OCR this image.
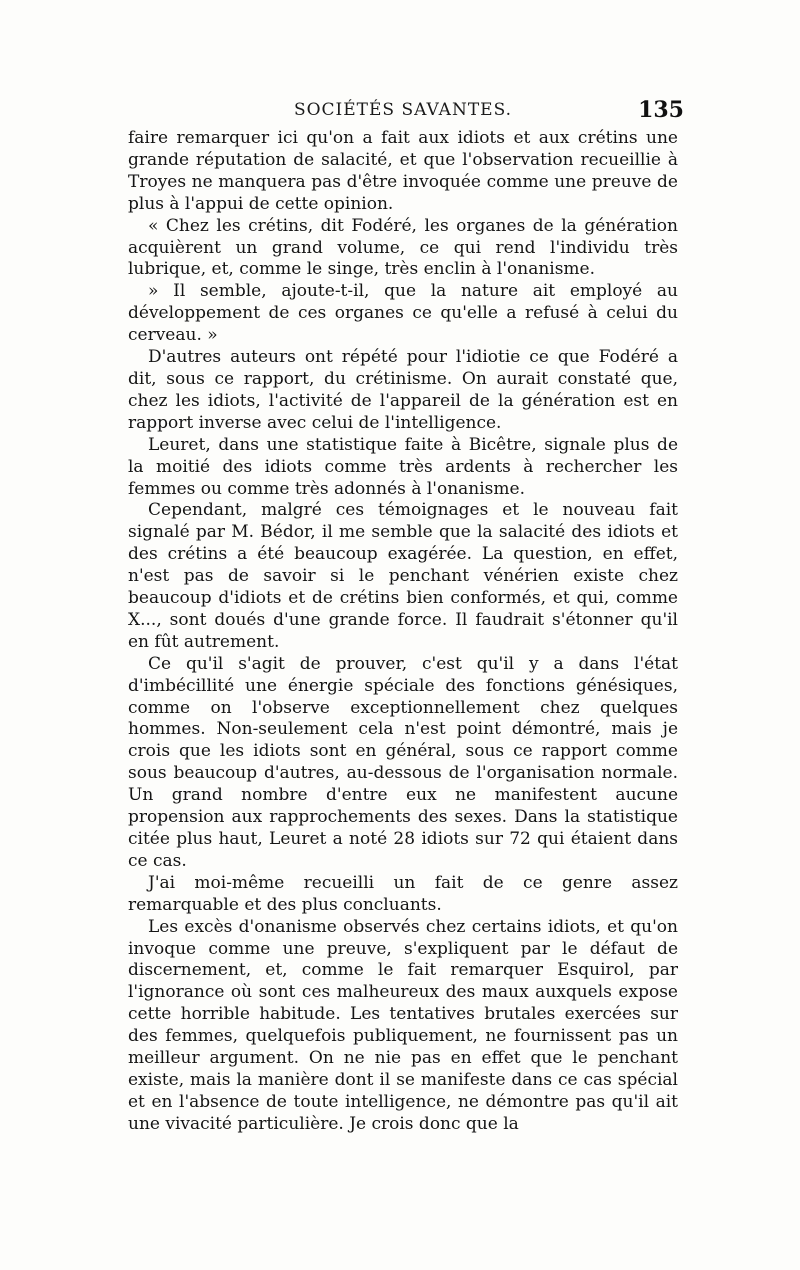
SOCIÉTÉS SAVANTES.	135

faire remarquer ici qu'on a fait aux idiots et aux crétins une grande réputation de salacité, et que l'observation recueillie à Troyes ne manquera pas d'être invoquée comme une preuve de plus à l'appui de cette opinion.

« Chez les crétins, dit Fodéré, les organes de la génération acquièrent un grand volume, ce qui rend l'individu très lubrique, et, comme le singe, très enclin à l'onanisme.

» Il semble, ajoute-t-il, que la nature ait employé au développement de ces organes ce qu'elle a refusé à celui du cerveau. »

D'autres auteurs ont répété pour l'idiotie ce que Fodéré a dit, sous ce rapport, du crétinisme. On aurait constaté que, chez les idiots, l'activité de l'appareil de la génération est en rapport inverse avec celui de l'intelligence.

Leuret, dans une statistique faite à Bicêtre, signale plus de la moitié des idiots comme très ardents à rechercher les femmes ou comme très adonnés à l'onanisme.

Cependant, malgré ces témoignages et le nouveau fait signalé par M. Bédor, il me semble que la salacité des idiots et des crétins a été beaucoup exagérée. La question, en effet, n'est pas de savoir si le penchant vénérien existe chez beaucoup d'idiots et de crétins bien conformés, et qui, comme X..., sont doués d'une grande force. Il faudrait s'étonner qu'il en fût autrement.

Ce qu'il s'agit de prouver, c'est qu'il y a dans l'état d'imbécillité une énergie spéciale des fonctions génésiques, comme on l'observe exceptionnellement chez quelques hommes. Non-seulement cela n'est point démontré, mais je crois que les idiots sont en général, sous ce rapport comme sous beaucoup d'autres, au-dessous de l'organisation normale. Un grand nombre d'entre eux ne manifestent aucune propension aux rapprochements des sexes. Dans la statistique citée plus haut, Leuret a noté 28 idiots sur 72 qui étaient dans ce cas.

J'ai moi-même recueilli un fait de ce genre assez remarquable et des plus concluants.

Les excès d'onanisme observés chez certains idiots, et qu'on invoque comme une preuve, s'expliquent par le défaut de discernement, et, comme le fait remarquer Esquirol, par l'ignorance où sont ces malheureux des maux auxquels expose cette horrible habitude. Les tentatives brutales exercées sur des femmes, quelquefois publiquement, ne fournissent pas un meilleur argument. On ne nie pas en effet que le penchant existe, mais la manière dont il se manifeste dans ce cas spécial et en l'absence de toute intelligence, ne démontre pas qu'il ait une vivacité particulière. Je crois donc que la
